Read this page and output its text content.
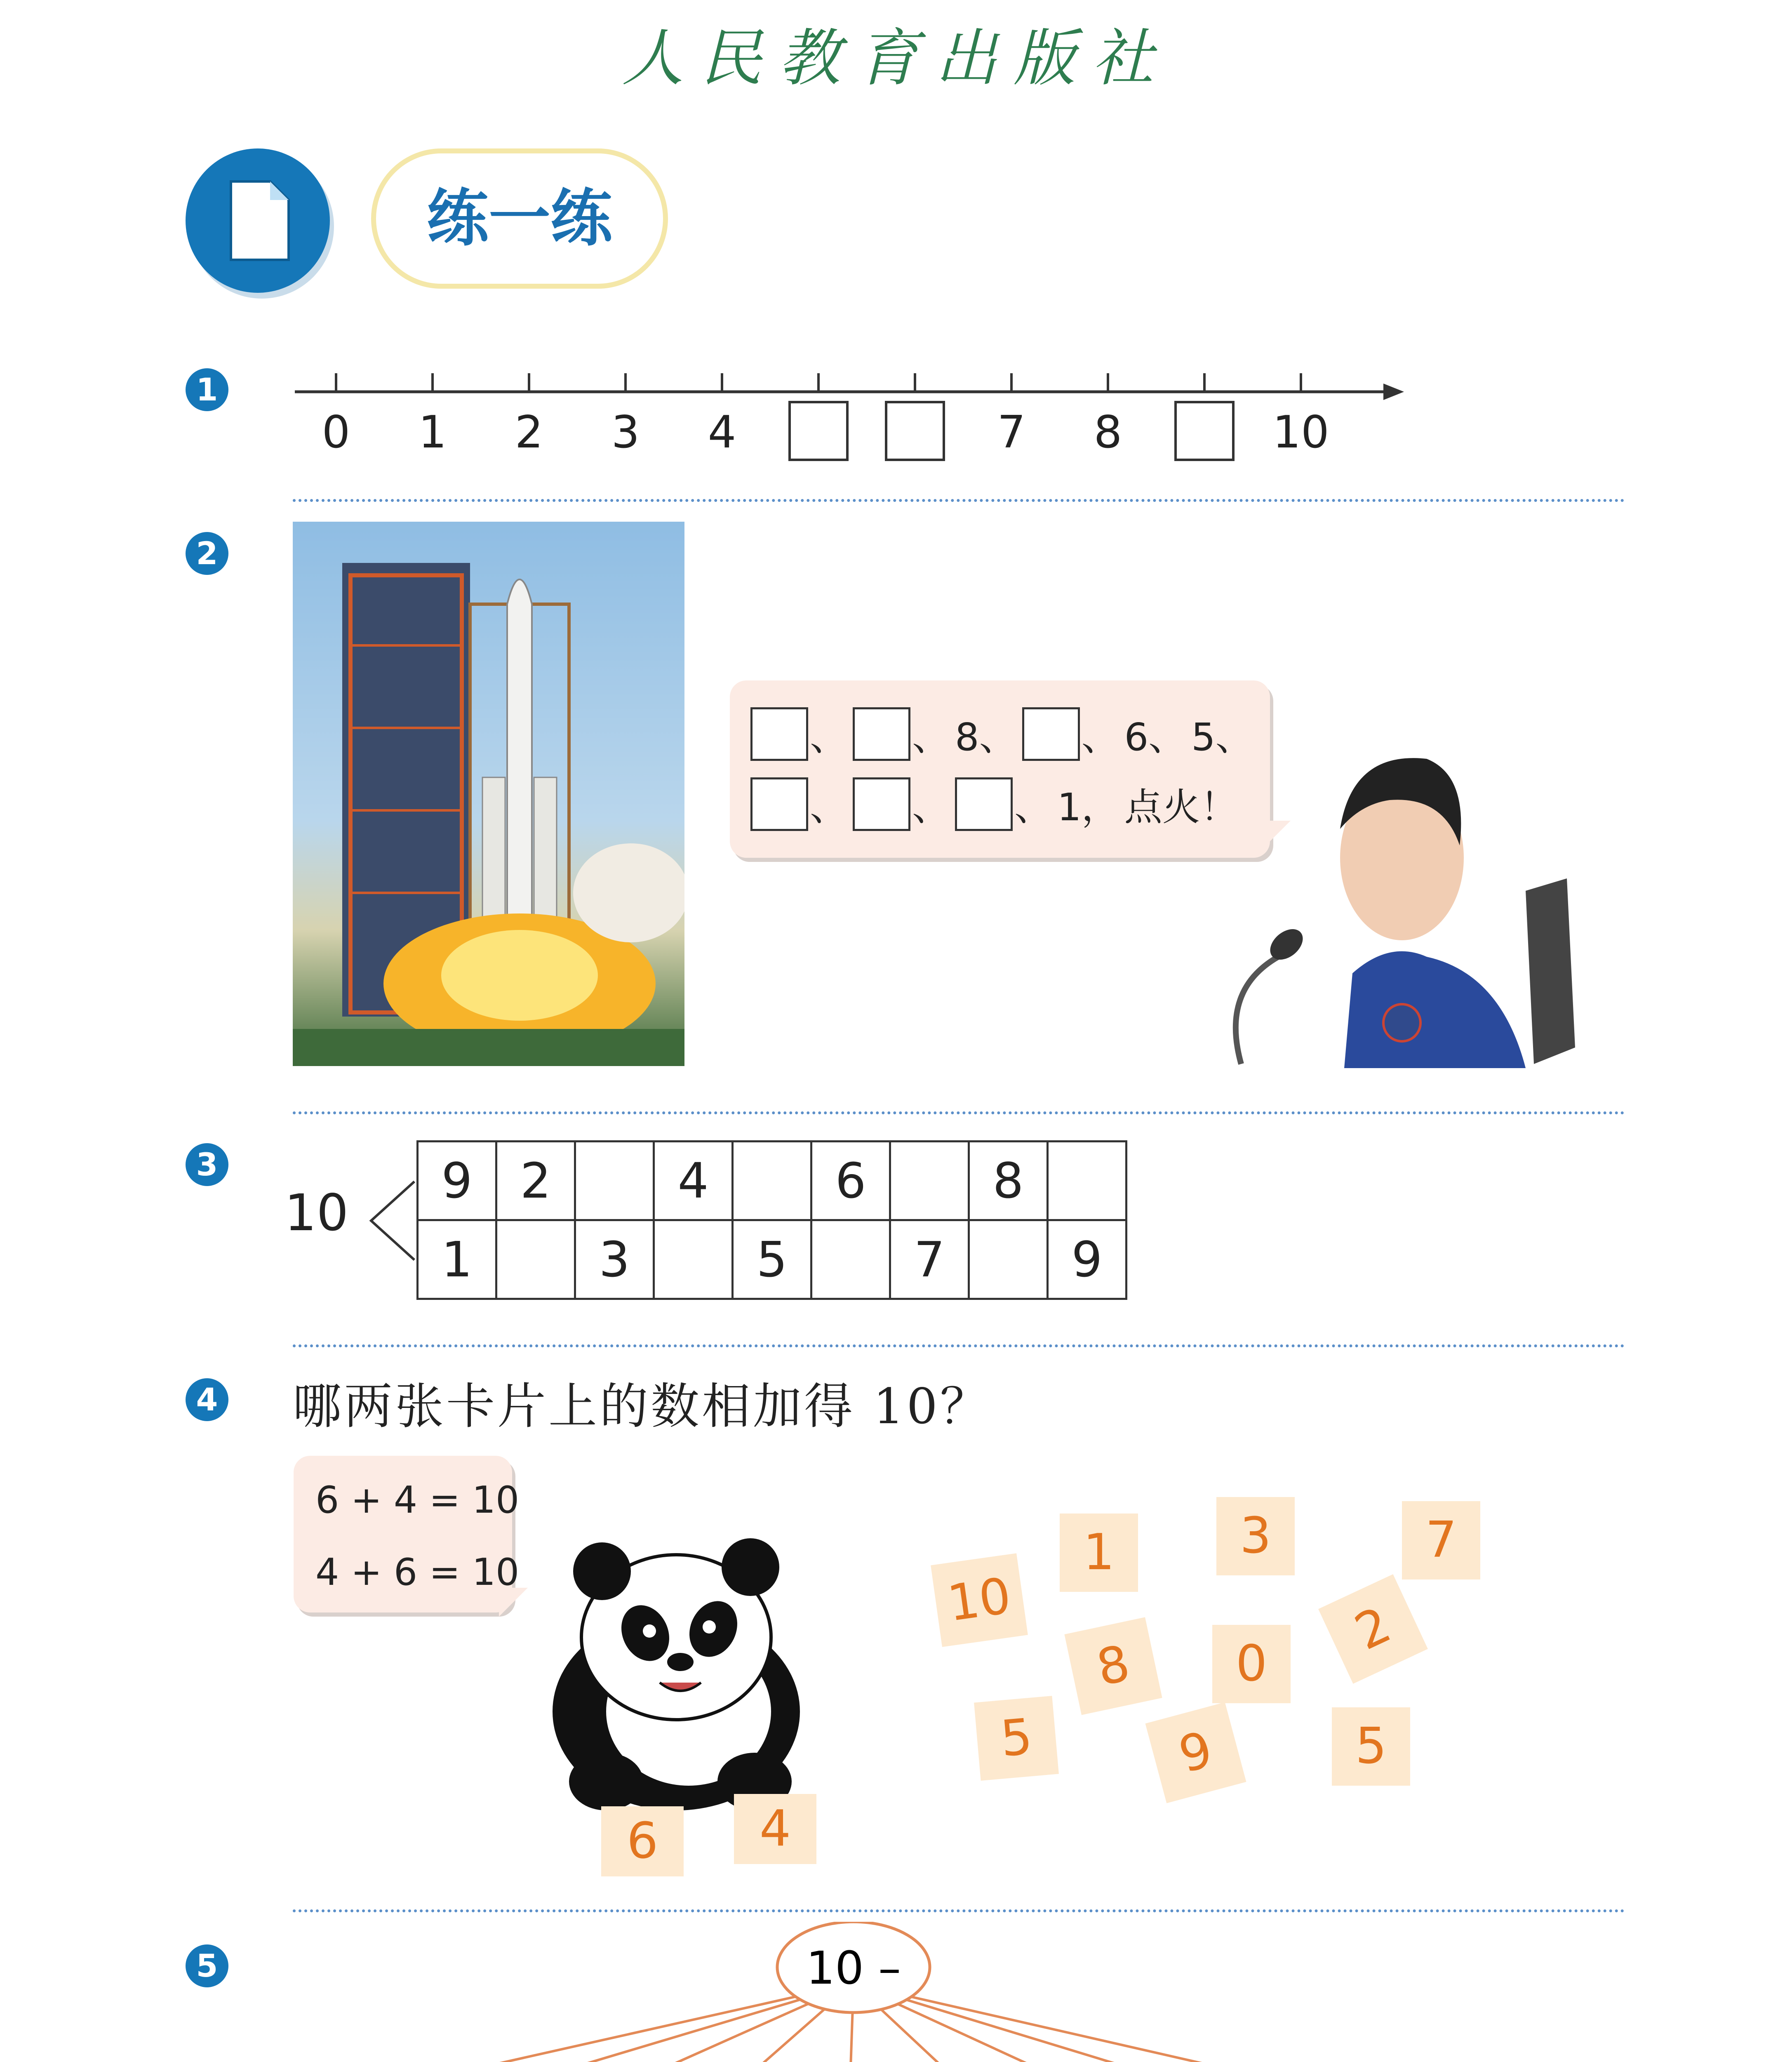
人民教育出版社
练一练
1
0 1 2 3 4	7 8	10
2
、 、 8、 、 6、 5、
、 、 、 1， 点火！
3
10
9	2		4		6		8	
1		3		5		7		9
4 哪两张卡片上的数相加得 10？
6 + 4 = 10
4 + 6 = 10
6	4
10
1	3	7
8	0
2
5	9	5
5	10 –
